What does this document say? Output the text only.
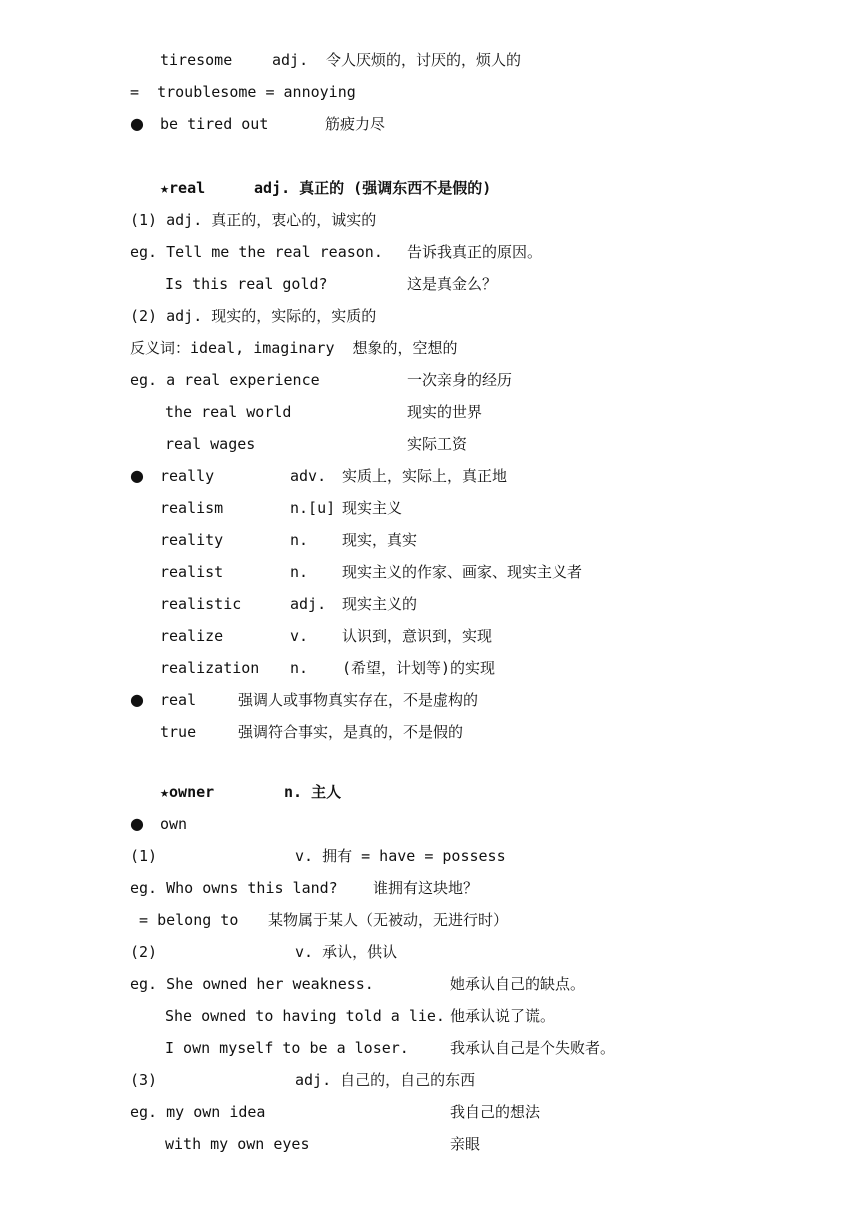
tiresome	adj. 令人厌烦的，讨厌的，烦人的
=  troublesome = annoying
● be tired out	筋疲力尽
★real	adj. 真正的 (强调东西不是假的)
(1) adj. 真正的，衷心的，诚实的
eg. Tell me the real reason. 告诉我真正的原因。
Is this real gold?	这是真金么？
(2) adj. 现实的，实际的，实质的
反义词：ideal, imaginary  想象的，空想的
eg. a real experience	一次亲身的经历
the real world	现实的世界
real wages	实际工资
● really	adv. 实质上，实际上，真正地
realism	n.[u] 现实主义
reality	n. 现实，真实
realist	n. 现实主义的作家、画家、现实主义者
realistic	adj. 现实主义的
realize	v. 认识到，意识到，实现
realization n. (希望，计划等)的实现
● real	强调人或事物真实存在，不是虚构的
true	强调符合事实，是真的，不是假的
★owner	n. 主人
● own
(1)	v. 拥有 = have = possess
eg. Who owns this land? 谁拥有这块地？
= belong to 某物属于某人（无被动，无进行时）
(2)	v. 承认，供认
eg. She owned her weakness.	她承认自己的缺点。
She owned to having told a lie. 他承认说了谎。
I own myself to be a loser.	我承认自己是个失败者。
(3)	adj. 自己的，自己的东西
eg. my own idea	我自己的想法
with my own eyes	亲眼
